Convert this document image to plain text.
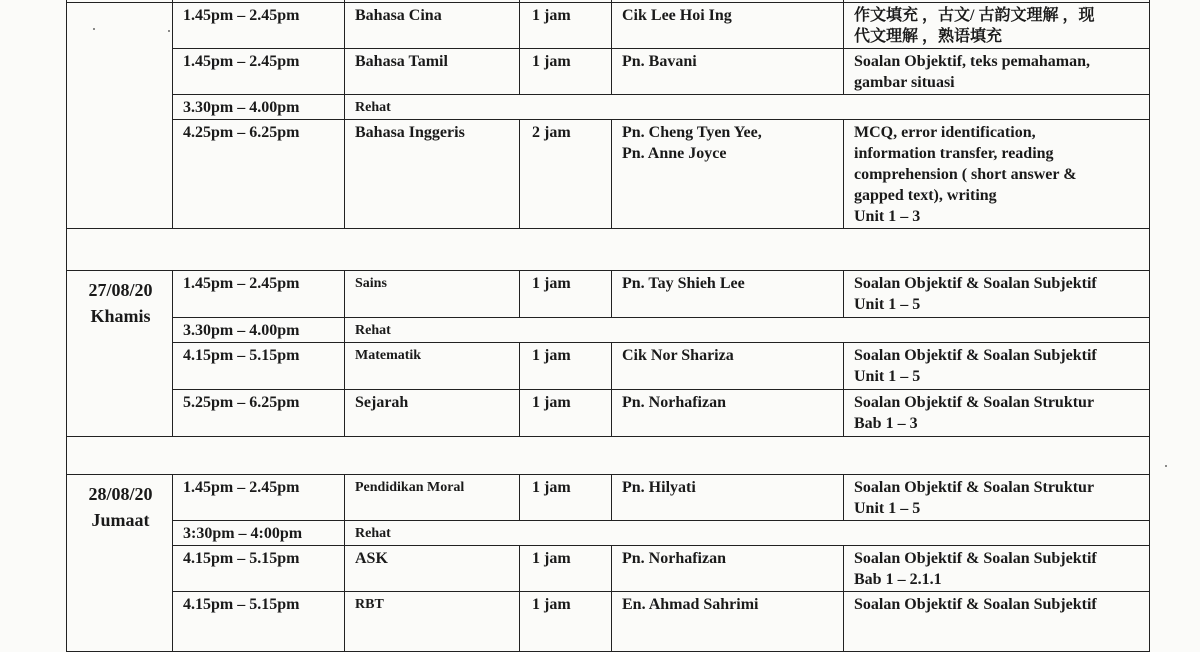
	1.45pm – 2.45pm	Bahasa Cina	1 jam	Cik Lee Hoi Ing	作文填充 ，古文/ 古韵文理解 ，现
代文理解 ，熟语填充

	1.45pm – 2.45pm	Bahasa Tamil	1 jam	Pn. Bavani	Soalan Objektif, teks pemahaman,
gambar situasi

	3.30pm – 4.00pm	Rehat			
	4.25pm – 6.25pm	Bahasa Inggeris	2 jam	Pn. Cheng Tyen Yee,
Pn. Anne Joyce	MCQ, error identification,
information transfer, reading
comprehension ( short answer &
gapped text), writing
Unit 1 – 3

27/08/20
Khamis	1.45pm – 2.45pm	Sains	1 jam	Pn. Tay Shieh Lee	Soalan Objektif & Soalan Subjektif
Unit 1 – 5

	3.30pm – 4.00pm	Rehat			
	4.15pm – 5.15pm	Matematik	1 jam	Cik Nor Shariza	Soalan Objektif & Soalan Subjektif
Unit 1 – 5

	5.25pm – 6.25pm	Sejarah	1 jam	Pn. Norhafizan	Soalan Objektif & Soalan Struktur
Bab 1 – 3

28/08/20
Jumaat	1.45pm – 2.45pm	Pendidikan Moral	1 jam	Pn. Hilyati	Soalan Objektif & Soalan Struktur
Unit 1 – 5

	3:30pm – 4:00pm	Rehat			
	4.15pm – 5.15pm	ASK	1 jam	Pn. Norhafizan	Soalan Objektif & Soalan Subjektif
Bab 1 – 2.1.1

	4.15pm – 5.15pm	RBT	1 jam	En. Ahmad Sahrimi	Soalan Objektif & Soalan Subjektif
